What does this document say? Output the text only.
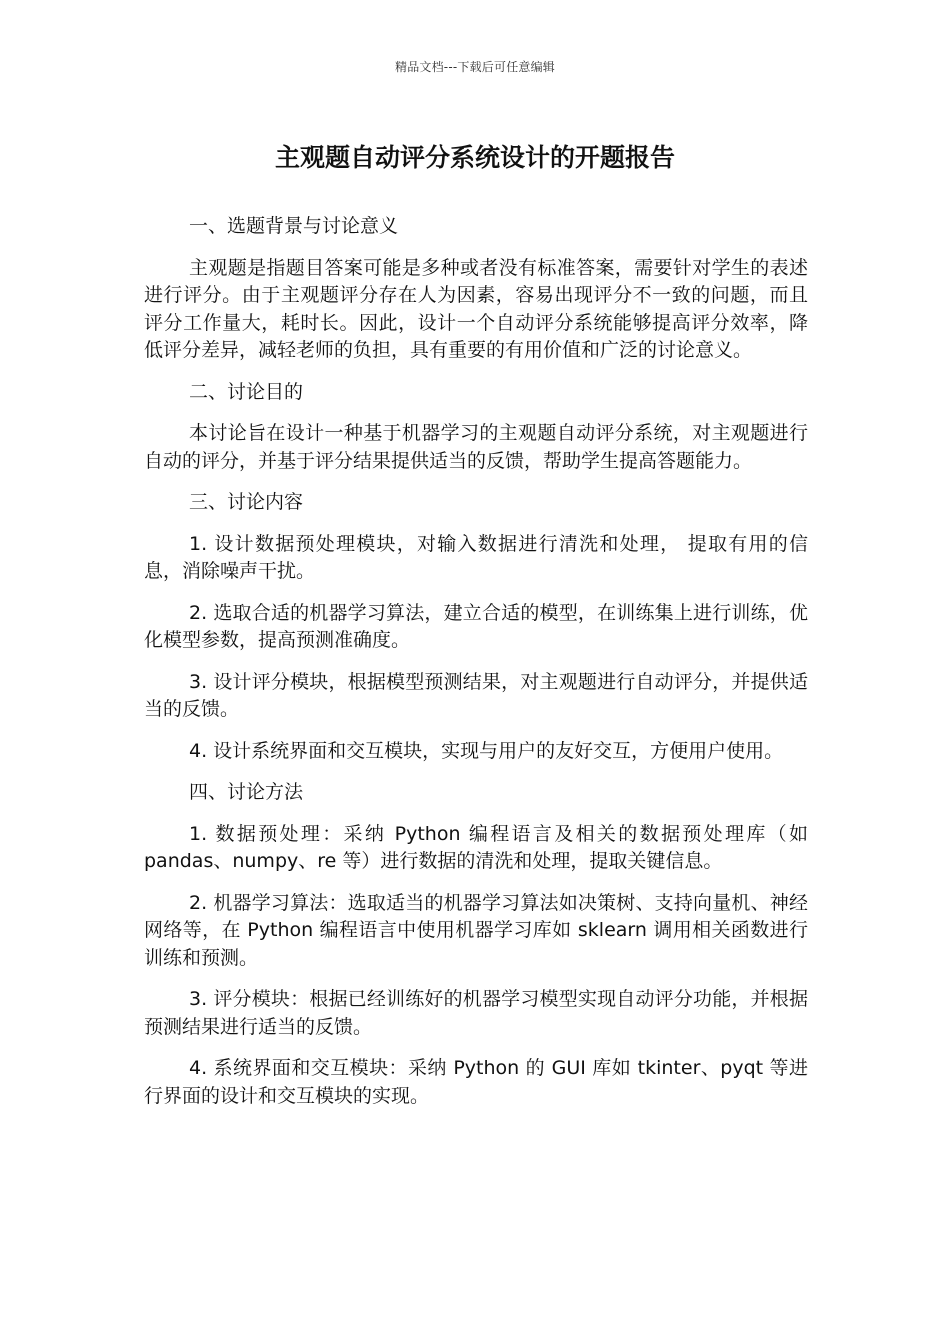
精品文档---下载后可任意编辑
主观题自动评分系统设计的开题报告

一、选题背景与讨论意义

主观题是指题目答案可能是多种或者没有标准答案，需要针对学生的表述进行评分。由于主观题评分存在人为因素，容易出现评分不一致的问题，而且评分工作量大，耗时长。因此，设计一个自动评分系统能够提高评分效率，降低评分差异，减轻老师的负担，具有重要的有用价值和广泛的讨论意义。

二、讨论目的

本讨论旨在设计一种基于机器学习的主观题自动评分系统，对主观题进行自动的评分，并基于评分结果提供适当的反馈，帮助学生提高答题能力。

三、讨论内容

1. 设计数据预处理模块，对输入数据进行清洗和处理， 提取有用的信息，消除噪声干扰。

2. 选取合适的机器学习算法，建立合适的模型，在训练集上进行训练，优化模型参数，提高预测准确度。

3. 设计评分模块，根据模型预测结果，对主观题进行自动评分，并提供适当的反馈。

4. 设计系统界面和交互模块，实现与用户的友好交互，方便用户使用。

四、讨论方法

1. 数据预处理：采纳 Python 编程语言及相关的数据预处理库（如 pandas、numpy、re 等）进行数据的清洗和处理，提取关键信息。

2. 机器学习算法：选取适当的机器学习算法如决策树、支持向量机、神经网络等，在 Python 编程语言中使用机器学习库如 sklearn 调用相关函数进行训练和预测。

3. 评分模块：根据已经训练好的机器学习模型实现自动评分功能，并根据预测结果进行适当的反馈。

4. 系统界面和交互模块：采纳 Python 的 GUI 库如 tkinter、pyqt 等进行界面的设计和交互模块的实现。
